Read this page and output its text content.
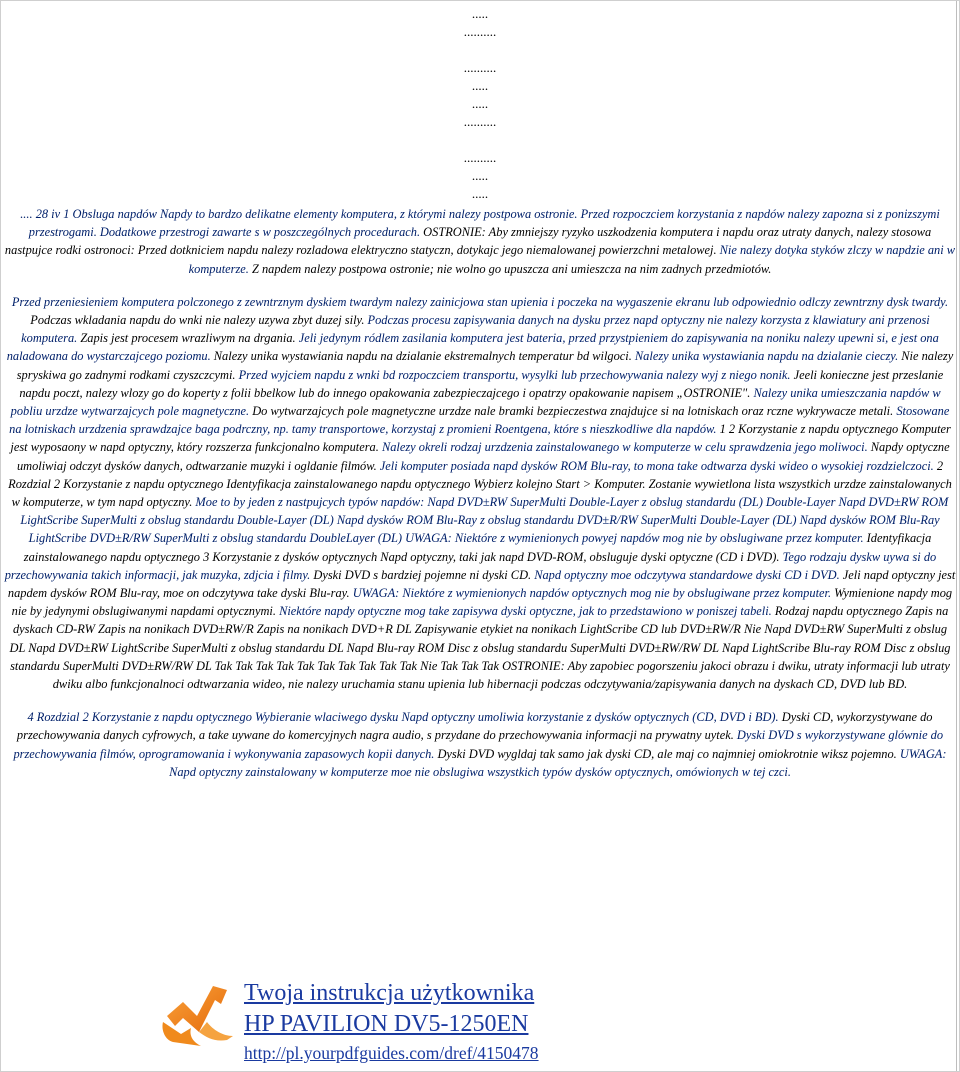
.....
..........
..........
.....
.....
..........
..........
.....
.....

.... 28 iv 1 Obsluga napdów Napdy to bardzo delikatne elementy komputera, z którymi nalezy postpowa ostronie. Przed rozpoczciem korzystania z napdów nalezy zapozna si z ponizszymi przestrogami. Dodatkowe przestrogi zawarte s w poszczególnych procedurach. OSTRONIE: Aby zmniejszy ryzyko uszkodzenia komputera i napdu oraz utraty danych, nalezy stosowa nastpujce rodki ostronoci: Przed dotkniciem napdu nalezy rozladowa elektryczno statyczn, dotykajc jego niemalowanej powierzchni metalowej. Nie nalezy dotyka styków zlczy w napdzie ani w komputerze. Z napdem nalezy postpowa ostronie; nie wolno go upuszcza ani umieszcza na nim zadnych przedmiotów.

Przed przeniesieniem komputera polczonego z zewntrznym dyskiem twardym nalezy zainicjowa stan upienia i poczeka na wygaszenie ekranu lub odpowiednio odlczy zewntrzny dysk twardy. Podczas wkladania napdu do wnki nie nalezy uzywa zbyt duzej sily. Podczas procesu zapisywania danych na dysku przez napd optyczny nie nalezy korzysta z klawiatury ani przenosi komputera. Zapis jest procesem wrazliwym na drgania. Jeli jedynym ródlem zasilania komputera jest bateria, przed przystpieniem do zapisywania na noniku nalezy upewni si, e jest ona naladowana do wystarczajcego poziomu. Nalezy unika wystawiania napdu na dzialanie ekstremalnych temperatur bd wilgoci. Nalezy unika wystawiania napdu na dzialanie cieczy. Nie nalezy spryskiwa go zadnymi rodkami czyszczcymi. Przed wyjciem napdu z wnki bd rozpoczciem transportu, wysylki lub przechowywania nalezy wyj z niego nonik. Jeeli konieczne jest przeslanie napdu poczt, nalezy wlozy go do koperty z folii bbelkow lub do innego opakowania zabezpieczajcego i opatrzy opakowanie napisem „OSTRONIE". Nalezy unika umieszczania napdów w pobliu urzdze wytwarzajcych pole magnetyczne. Do wytwarzajcych pole magnetyczne urzdze nale bramki bezpieczestwa znajdujce si na lotniskach oraz rczne wykrywacze metali. Stosowane na lotniskach urzdzenia sprawdzajce baga podrczny, np. tamy transportowe, korzystaj z promieni Roentgena, które s nieszkodliwe dla napdów. 1 2 Korzystanie z napdu optycznego Komputer jest wyposaony w napd optyczny, który rozszerza funkcjonalno komputera. Nalezy okreli rodzaj urzdzenia zainstalowanego w komputerze w celu sprawdzenia jego moliwoci. Napdy optyczne umoliwiaj odczyt dysków danych, odtwarzanie muzyki i ogldanie filmów. Jeli komputer posiada napd dysków ROM Blu-ray, to mona take odtwarza dyski wideo o wysokiej rozdzielczoci. 2 Rozdzial 2 Korzystanie z napdu optycznego Identyfikacja zainstalowanego napdu optycznego Wybierz kolejno Start > Komputer. Zostanie wywietlona lista wszystkich urzdze zainstalowanych w komputerze, w tym napd optyczny. Moe to by jeden z nastpujcych typów napdów: Napd DVD±RW SuperMulti Double-Layer z obslug standardu (DL) Double-Layer Napd DVD±RW ROM LightScribe SuperMulti z obslug standardu Double-Layer (DL) Napd dysków ROM Blu-Ray z obslug standardu DVD±R/RW SuperMulti Double-Layer (DL) Napd dysków ROM Blu-Ray LightScribe DVD±R/RW SuperMulti z obslug standardu DoubleLayer (DL) UWAGA: Niektóre z wymienionych powyej napdów mog nie by obslugiwane przez komputer. Identyfikacja zainstalowanego napdu optycznego 3 Korzystanie z dysków optycznych Napd optyczny, taki jak napd DVD-ROM, obsluguje dyski optyczne (CD i DVD). Tego rodzaju dyskw uywa si do przechowywania takich informacji, jak muzyka, zdjcia i filmy. Dyski DVD s bardziej pojemne ni dyski CD. Napd optyczny moe odczytywa standardowe dyski CD i DVD. Jeli napd optyczny jest napdem dysków ROM Blu-ray, moe on odczytywa take dyski Blu-ray. UWAGA: Niektóre z wymienionych napdów optycznych mog nie by obslugiwane przez komputer. Wymienione napdy mog nie by jedynymi obslugiwanymi napdami optycznymi. Niektóre napdy optyczne mog take zapisywa dyski optyczne, jak to przedstawiono w poniszej tabeli. Rodzaj napdu optycznego Zapis na dyskach CD-RW Zapis na nonikach DVD±RW/R Zapis na nonikach DVD+R DL Zapisywanie etykiet na nonikach LightScribe CD lub DVD±RW/R Nie Napd DVD±RW SuperMulti z obslug DL Napd DVD±RW LightScribe SuperMulti z obslug standardu DL Napd Blu-ray ROM Disc z obslug standardu SuperMulti DVD±RW/RW DL Napd LightScribe Blu-ray ROM Disc z obslug standardu SuperMulti DVD±RW/RW DL Tak Tak Tak Tak Tak Tak Tak Tak Tak Tak Nie Tak Tak Tak OSTRONIE: Aby zapobiec pogorszeniu jakoci obrazu i dwiku, utraty informacji lub utraty dwiku albo funkcjonalnoci odtwarzania wideo, nie nalezy uruchamia stanu upienia lub hibernacji podczas odczytywania/zapisywania danych na dyskach CD, DVD lub BD.

4 Rozdzial 2 Korzystanie z napdu optycznego Wybieranie wlaciwego dysku Napd optyczny umoliwia korzystanie z dysków optycznych (CD, DVD i BD). Dyski CD, wykorzystywane do przechowywania danych cyfrowych, a take uywane do komercyjnych nagra audio, s przydane do przechowywania informacji na prywatny uytek. Dyski DVD s wykorzystywane glównie do przechowywania filmów, oprogramowania i wykonywania zapasowych kopii danych. Dyski DVD wygldaj tak samo jak dyski CD, ale maj co najmniej omiokrotnie wiksz pojemno. UWAGA: Napd optyczny zainstalowany w komputerze moe nie obslugiwa wszystkich typów dysków optycznych, omówionych w tej czci.

Twoja instrukcja użytkownika
HP PAVILION DV5-1250EN
http://pl.yourpdfguides.com/dref/4150478
